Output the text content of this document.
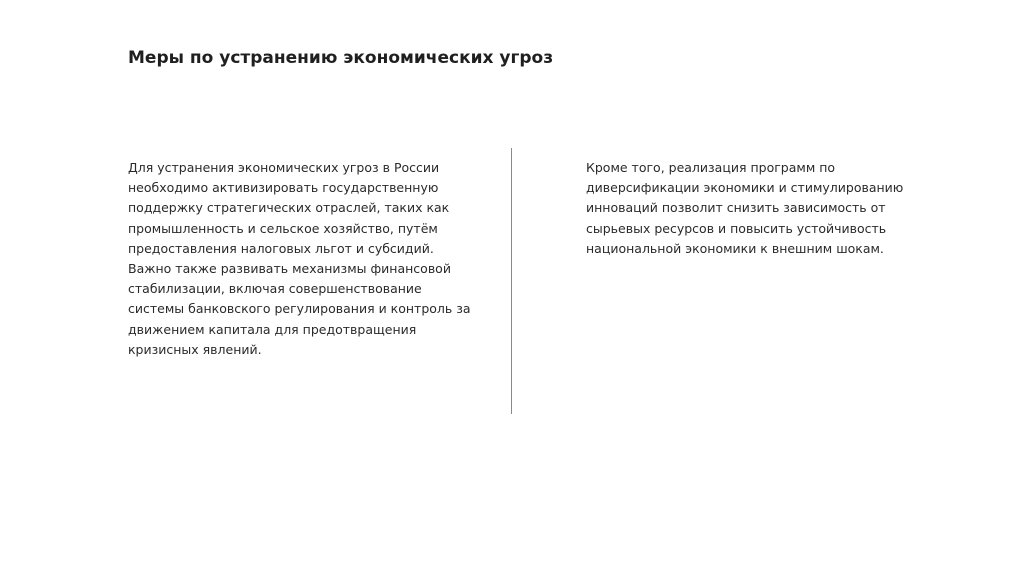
Меры по устранению экономических угроз
Для устранения экономических угроз в России
необходимо активизировать государственную
поддержку стратегических отраслей, таких как
промышленность и сельское хозяйство, путём
предоставления налоговых льгот и субсидий.
Важно также развивать механизмы финансовой
стабилизации, включая совершенствование
системы банковского регулирования и контроль за
движением капитала для предотвращения
кризисных явлений.
Кроме того, реализация программ по
диверсификации экономики и стимулированию
инноваций позволит снизить зависимость от
сырьевых ресурсов и повысить устойчивость
национальной экономики к внешним шокам.
